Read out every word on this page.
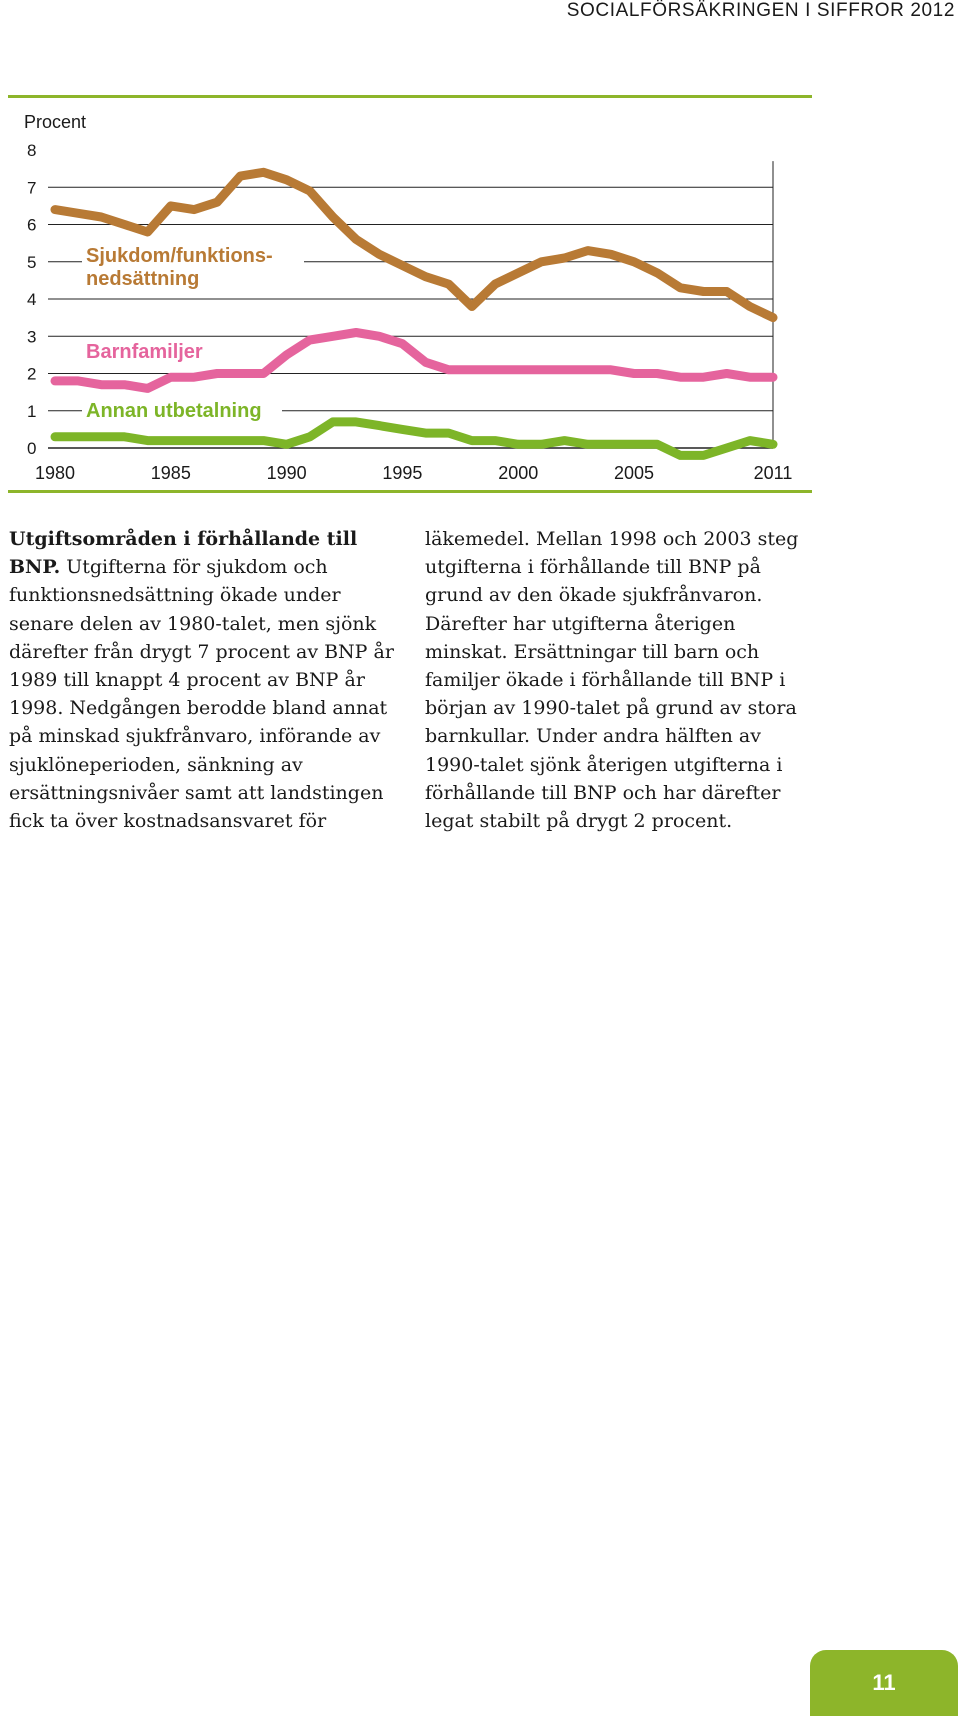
SOCIALFÖRSÄKRINGEN I SIFFROR 2012
Procent
0
1
2
3
4
5
6
7
8
1980	1985	1990	1995	2000	2005	2011
Sjukdom/funktions-
nedsättning
Barnfamiljer
Annan utbetalning
Utgiftsområden i förhållande till BNP. Utgifterna för sjukdom och funktionsnedsättning ökade under senare delen av 1980-talet, men sjönk därefter från drygt 7 procent av BNP år 1989 till knappt 4 procent av BNP år 1998. Nedgången berodde bland annat på minskad sjukfrånvaro, införande av sjuklöneperioden, sänkning av ersättningsnivåer samt att landstingen fick ta över kostnadsansvaret för
läkemedel. Mellan 1998 och 2003 steg utgifterna i förhållande till BNP på grund av den ökade sjukfrånvaron. Därefter har utgifterna återigen minskat. Ersättningar till barn och familjer ökade i förhållande till BNP i början av 1990-talet på grund av stora barnkullar. Under andra hälften av 1990-talet sjönk återigen utgifterna i förhållande till BNP och har därefter legat stabilt på drygt 2 procent.
11
